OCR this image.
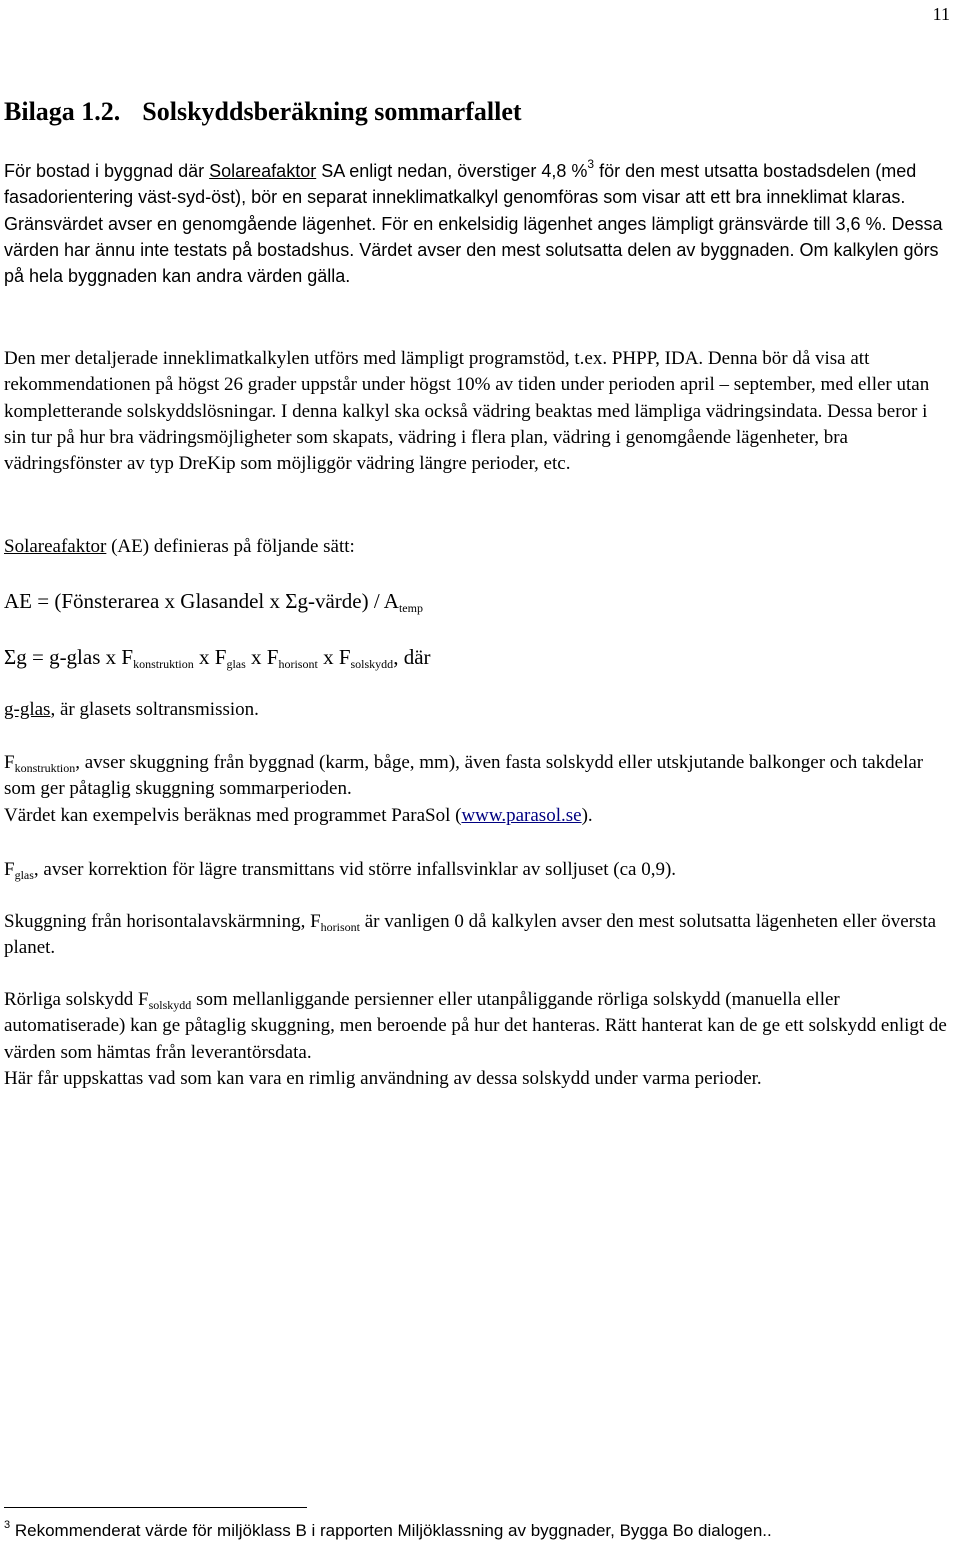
11
Bilaga 1.2. Solskyddsberäkning sommarfallet

För bostad i byggnad där Solareafaktor SA enligt nedan, överstiger 4,8 %$^3$ för den mest utsatta bostadsdelen (med fasadorientering väst-syd-öst), bör en separat inneklimatkalkyl genomföras som visar att ett bra inneklimat klaras. Gränsvärdet avser en genomgående lägenhet. För en enkelsidig lägenhet anges lämpligt gränsvärde till 3,6 %. Dessa värden har ännu inte testats på bostadshus. Värdet avser den mest solutsatta delen av byggnaden. Om kalkylen görs på hela byggnaden kan andra värden gälla.

Den mer detaljerade inneklimatkalkylen utförs med lämpligt programstöd, t.ex. PHPP, IDA. Denna bör då visa att rekommendationen på högst 26 grader uppstår under högst 10% av tiden under perioden april – september, med eller utan kompletterande solskyddslösningar. I denna kalkyl ska också vädring beaktas med lämpliga vädringsindata. Dessa beror i sin tur på hur bra vädringsmöjligheter som skapats, vädring i flera plan, vädring i genomgående lägenheter, bra vädringsfönster av typ DreKip som möjliggör vädring längre perioder, etc.

Solareafaktor (AE) definieras på följande sätt:

AE = (Fönsterarea x Glasandel x Σg-värde) / $A_{temp}$

Σg = g-glas x $F_{konstruktion}$ x $F_{glas}$ x $F_{horisont}$ x $F_{solskydd}$, där

g-glas, är glasets soltransmission.

$F_{konstruktion}$, avser skuggning från byggnad (karm, båge, mm), även fasta solskydd eller utskjutande balkonger och takdelar som ger påtaglig skuggning sommarperioden.
Värdet kan exempelvis beräknas med programmet ParaSol (www.parasol.se).

$F_{glas}$, avser korrektion för lägre transmittans vid större infallsvinklar av solljuset (ca 0,9).

Skuggning från horisontalavskärmning, $F_{horisont}$ är vanligen 0 då kalkylen avser den mest solutsatta lägenheten eller översta planet.

Rörliga solskydd $F_{solskydd}$ som mellanliggande persienner eller utanpåliggande rörliga solskydd (manuella eller automatiserade) kan ge påtaglig skuggning, men beroende på hur det hanteras. Rätt hanterat kan de ge ett solskydd enligt de värden som hämtas från leverantörsdata.
Här får uppskattas vad som kan vara en rimlig användning av dessa solskydd under varma perioder.

$^3$ Rekommenderat värde för miljöklass B i rapporten Miljöklassning av byggnader, Bygga Bo dialogen..
